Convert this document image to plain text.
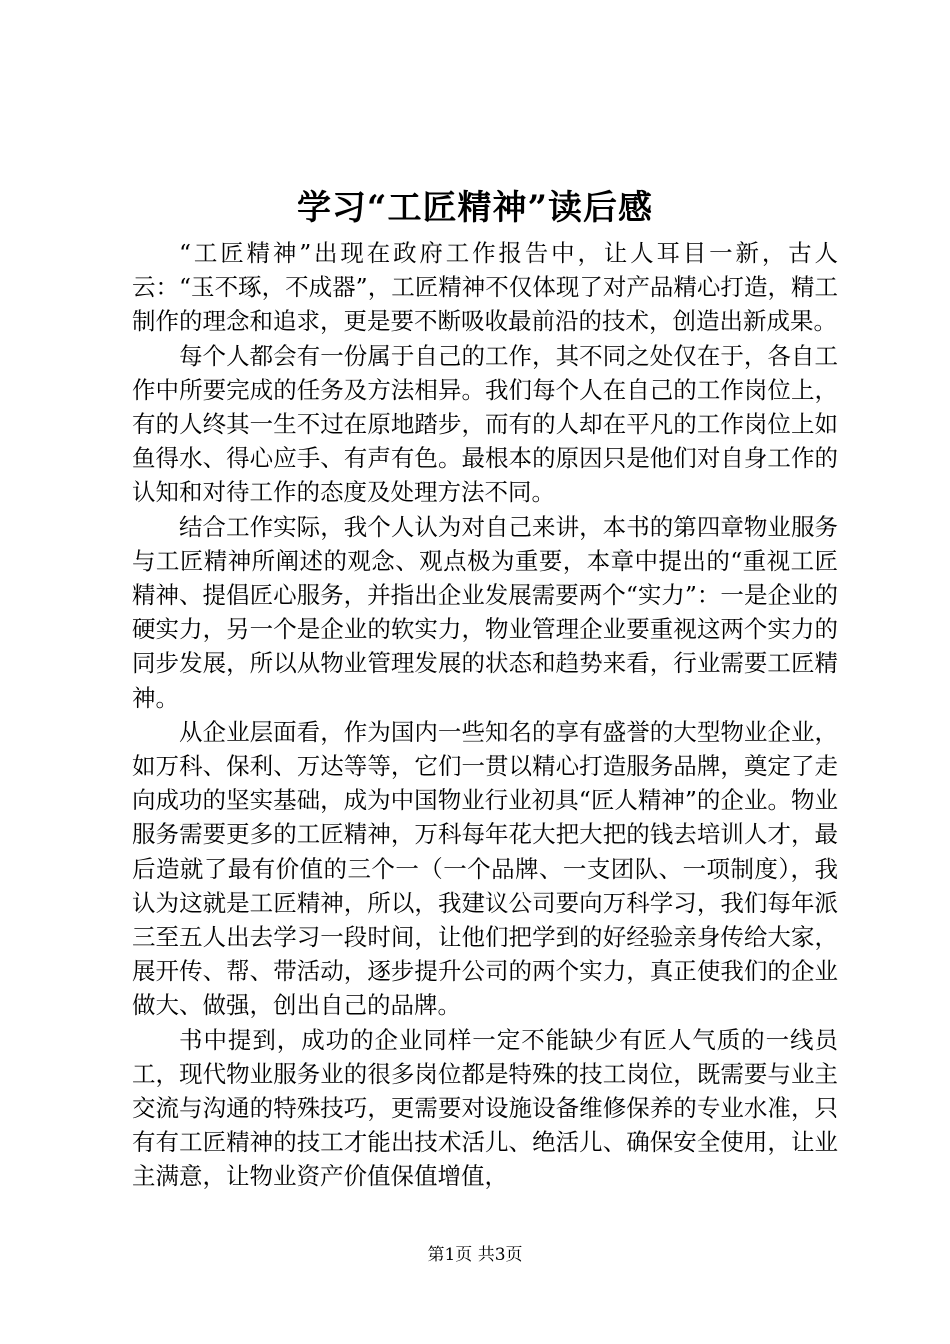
学习“工匠精神”读后感

“工匠精神”出现在政府工作报告中，让人耳目一新，古人云：“玉不琢，不成器”，工匠精神不仅体现了对产品精心打造，精工制作的理念和追求，更是要不断吸收最前沿的技术，创造出新成果。

每个人都会有一份属于自己的工作，其不同之处仅在于，各自工作中所要完成的任务及方法相异。我们每个人在自己的工作岗位上，有的人终其一生不过在原地踏步，而有的人却在平凡的工作岗位上如鱼得水、得心应手、有声有色。最根本的原因只是他们对自身工作的认知和对待工作的态度及处理方法不同。

结合工作实际，我个人认为对自己来讲，本书的第四章物业服务与工匠精神所阐述的观念、观点极为重要，本章中提出的“重视工匠精神、提倡匠心服务，并指出企业发展需要两个“实力”：一是企业的硬实力，另一个是企业的软实力，物业管理企业要重视这两个实力的同步发展，所以从物业管理发展的状态和趋势来看，行业需要工匠精神。

从企业层面看，作为国内一些知名的享有盛誉的大型物业企业，如万科、保利、万达等等，它们一贯以精心打造服务品牌，奠定了走向成功的坚实基础，成为中国物业行业初具“匠人精神”的企业。物业服务需要更多的工匠精神，万科每年花大把大把的钱去培训人才，最后造就了最有价值的三个一（一个品牌、一支团队、一项制度），我认为这就是工匠精神，所以，我建议公司要向万科学习，我们每年派三至五人出去学习一段时间，让他们把学到的好经验亲身传给大家，展开传、帮、带活动，逐步提升公司的两个实力，真正使我们的企业做大、做强，创出自己的品牌。

书中提到，成功的企业同样一定不能缺少有匠人气质的一线员工，现代物业服务业的很多岗位都是特殊的技工岗位，既需要与业主交流与沟通的特殊技巧，更需要对设施设备维修保养的专业水准，只有有工匠精神的技工才能出技术活儿、绝活儿、确保安全使用，让业主满意，让物业资产价值保值增值，

第1页 共3页
